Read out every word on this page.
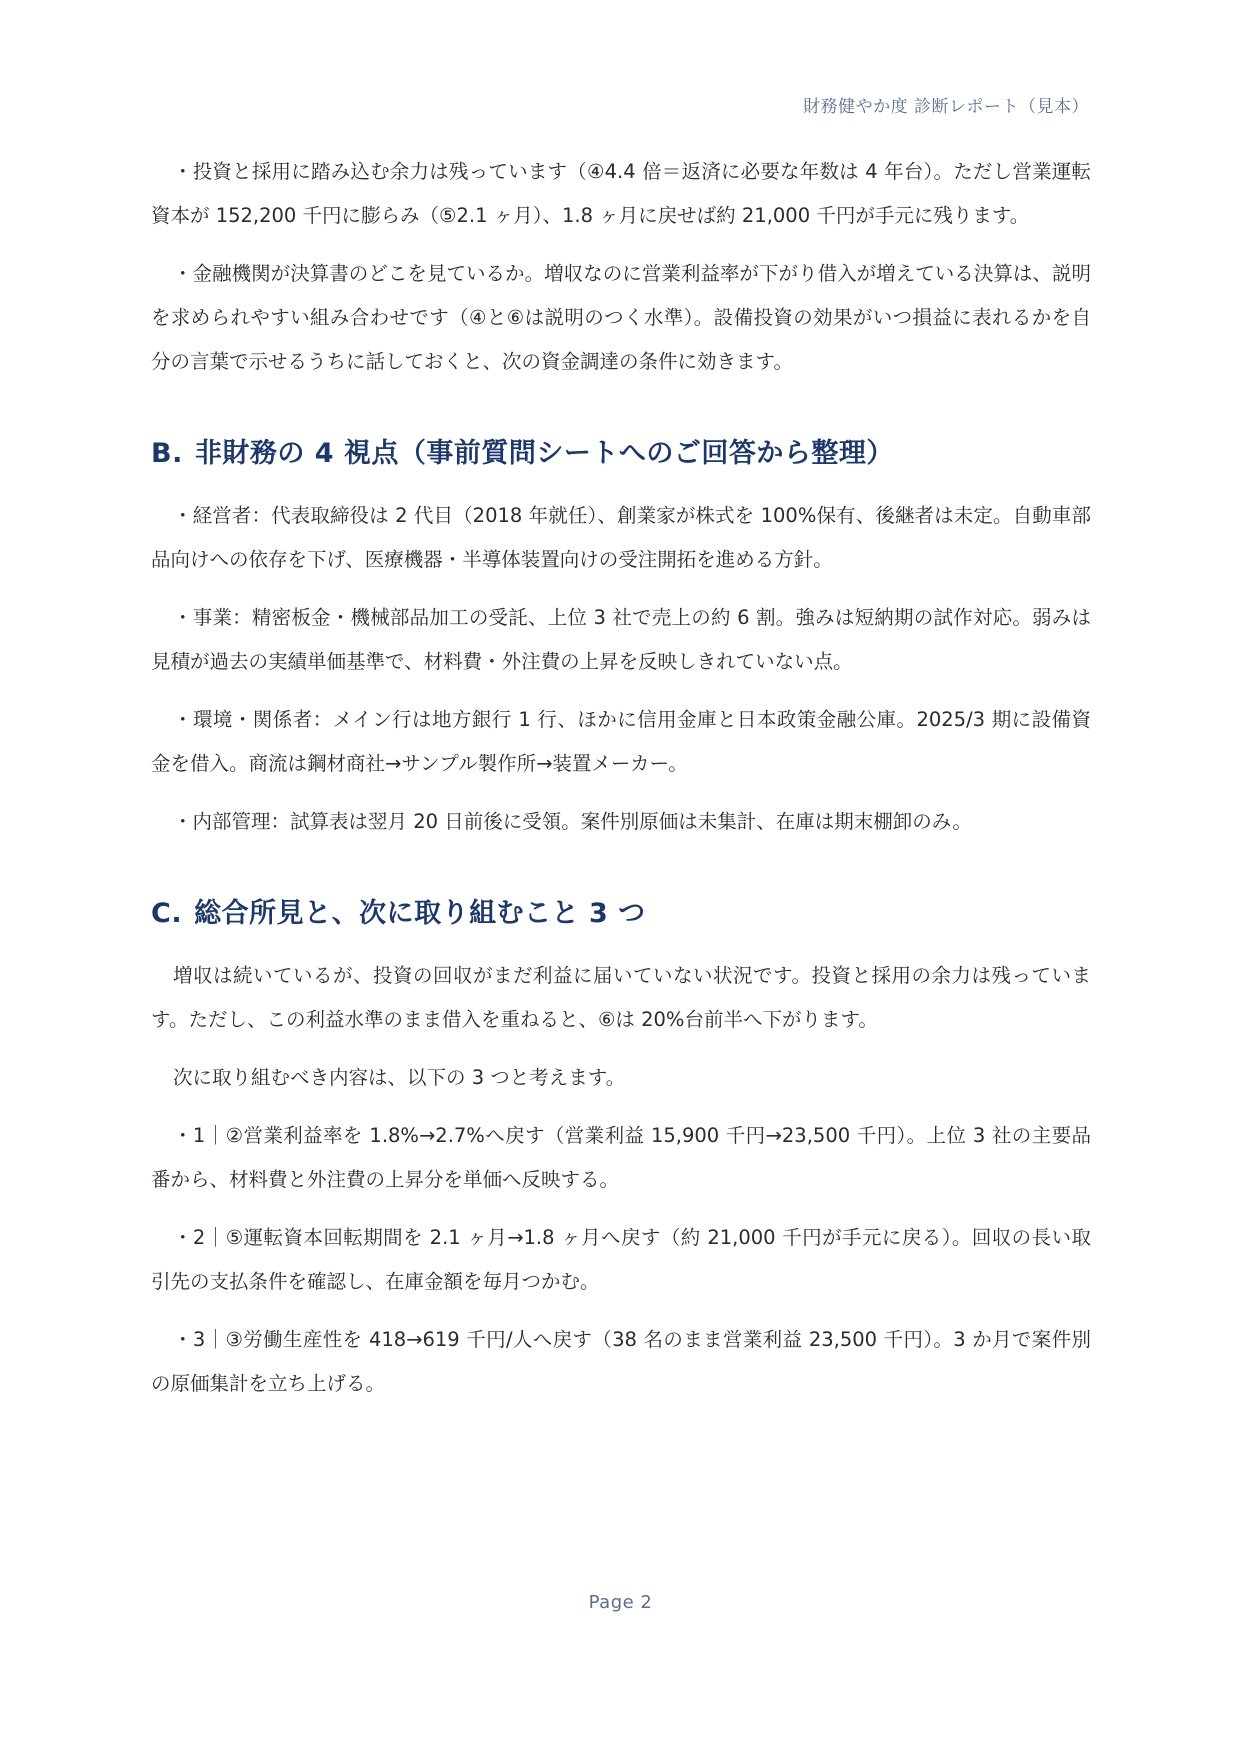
財務健やか度 診断レポート（見本）

・投資と採用に踏み込む余力は残っています（④4.4 倍＝返済に必要な年数は 4 年台）。ただし営業運転資本が 152,200 千円に膨らみ（⑤2.1 ヶ月）、1.8 ヶ月に戻せば約 21,000 千円が手元に残ります。

・金融機関が決算書のどこを見ているか。増収なのに営業利益率が下がり借入が増えている決算は、説明を求められやすい組み合わせです（④と⑥は説明のつく水準）。設備投資の効果がいつ損益に表れるかを自分の言葉で示せるうちに話しておくと、次の資金調達の条件に効きます。

B. 非財務の 4 視点（事前質問シートへのご回答から整理）

・経営者：代表取締役は 2 代目（2018 年就任）、創業家が株式を 100%保有、後継者は未定。自動車部品向けへの依存を下げ、医療機器・半導体装置向けの受注開拓を進める方針。

・事業：精密板金・機械部品加工の受託、上位 3 社で売上の約 6 割。強みは短納期の試作対応。弱みは見積が過去の実績単価基準で、材料費・外注費の上昇を反映しきれていない点。

・環境・関係者：メイン行は地方銀行 1 行、ほかに信用金庫と日本政策金融公庫。2025/3 期に設備資金を借入。商流は鋼材商社→サンプル製作所→装置メーカー。

・内部管理：試算表は翌月 20 日前後に受領。案件別原価は未集計、在庫は期末棚卸のみ。

C. 総合所見と、次に取り組むこと 3 つ

増収は続いているが、投資の回収がまだ利益に届いていない状況です。投資と採用の余力は残っています。ただし、この利益水準のまま借入を重ねると、⑥は 20%台前半へ下がります。

次に取り組むべき内容は、以下の 3 つと考えます。

・1｜②営業利益率を 1.8%→2.7%へ戻す（営業利益 15,900 千円→23,500 千円）。上位 3 社の主要品番から、材料費と外注費の上昇分を単価へ反映する。

・2｜⑤運転資本回転期間を 2.1 ヶ月→1.8 ヶ月へ戻す（約 21,000 千円が手元に戻る）。回収の長い取引先の支払条件を確認し、在庫金額を毎月つかむ。

・3｜③労働生産性を 418→619 千円/人へ戻す（38 名のまま営業利益 23,500 千円）。3 か月で案件別の原価集計を立ち上げる。

Page 2
